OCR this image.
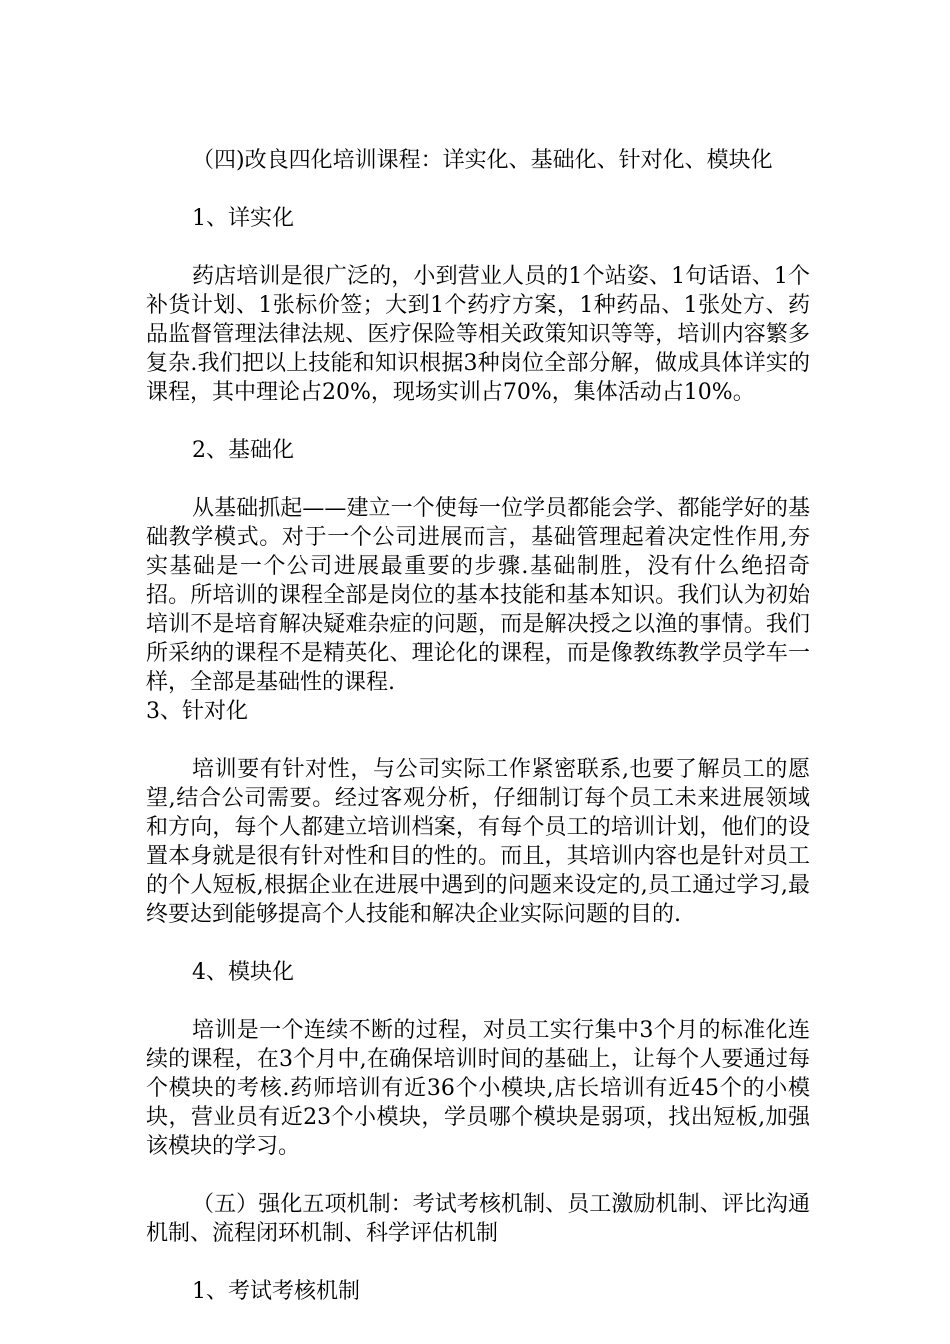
（四)改良四化培训课程：详实化、基础化、针对化、模块化

1、详实化

药店培训是很广泛的，小到营业人员的1个站姿、1句话语、1个补货计划、1张标价签；大到1个药疗方案，1种药品、1张处方、药品监督管理法律法规、医疗保险等相关政策知识等等，培训内容繁多复杂.我们把以上技能和知识根据3种岗位全部分解，做成具体详实的课程，其中理论占20%，现场实训占70%，集体活动占10%。

2、基础化

从基础抓起——建立一个使每一位学员都能会学、都能学好的基础教学模式。对于一个公司进展而言，基础管理起着决定性作用,夯实基础是一个公司进展最重要的步骤.基础制胜，没有什么绝招奇招。所培训的课程全部是岗位的基本技能和基本知识。我们认为初始培训不是培育解决疑难杂症的问题，而是解决授之以渔的事情。我们所采纳的课程不是精英化、理论化的课程，而是像教练教学员学车一样，全部是基础性的课程.

3、针对化

培训要有针对性，与公司实际工作紧密联系,也要了解员工的愿望,结合公司需要。经过客观分析，仔细制订每个员工未来进展领域和方向，每个人都建立培训档案，有每个员工的培训计划，他们的设置本身就是很有针对性和目的性的。而且，其培训内容也是针对员工的个人短板,根据企业在进展中遇到的问题来设定的,员工通过学习,最终要达到能够提高个人技能和解决企业实际问题的目的.

4、模块化

培训是一个连续不断的过程，对员工实行集中3个月的标准化连续的课程，在3个月中,在确保培训时间的基础上，让每个人要通过每个模块的考核.药师培训有近36个小模块,店长培训有近45个的小模块，营业员有近23个小模块，学员哪个模块是弱项，找出短板,加强该模块的学习。

（五）强化五项机制：考试考核机制、员工激励机制、评比沟通机制、流程闭环机制、科学评估机制

1、考试考核机制
